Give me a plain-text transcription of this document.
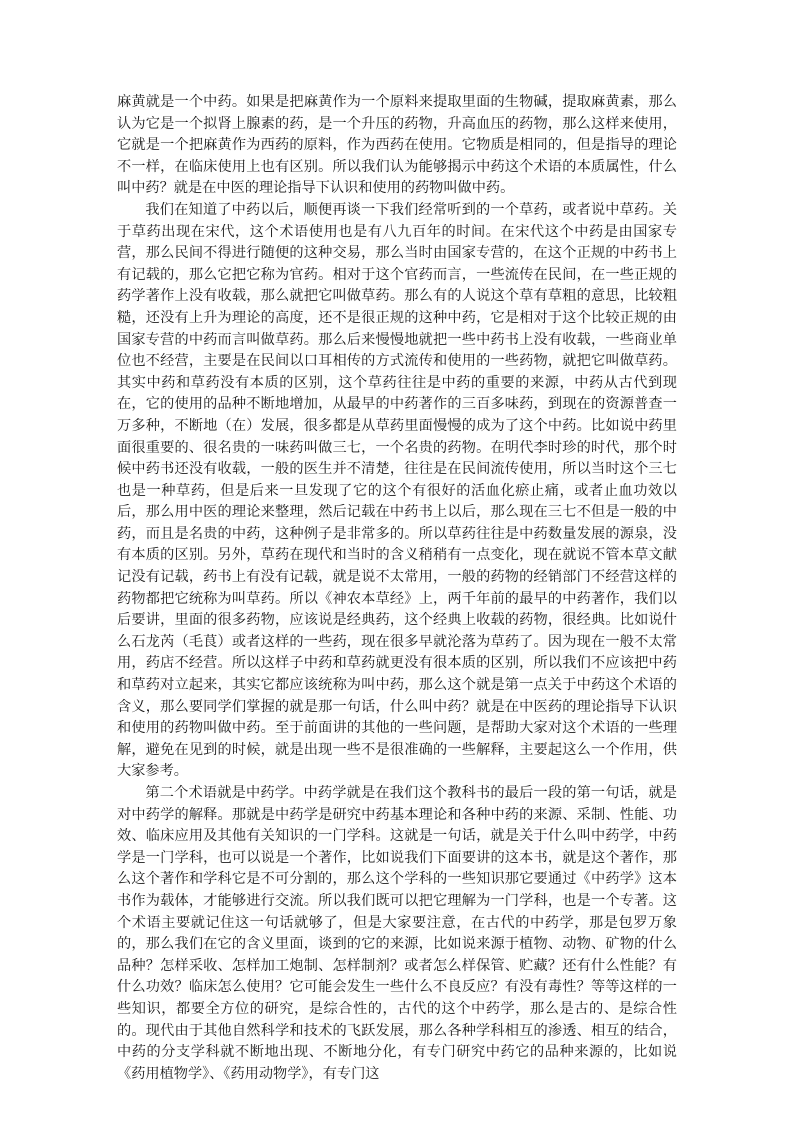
麻黄就是一个中药。如果是把麻黄作为一个原料来提取里面的生物碱，提取麻黄素，那么认为它是一个拟肾上腺素的药，是一个升压的药物，升高血压的药物，那么这样来使用，它就是一个把麻黄作为西药的原料，作为西药在使用。它物质是相同的，但是指导的理论不一样，在临床使用上也有区别。所以我们认为能够揭示中药这个术语的本质属性，什么叫中药？就是在中医的理论指导下认识和使用的药物叫做中药。

我们在知道了中药以后，顺便再谈一下我们经常听到的一个草药，或者说中草药。关于草药出现在宋代，这个术语使用也是有八九百年的时间。在宋代这个中药是由国家专营，那么民间不得进行随便的这种交易，那么当时由国家专营的，在这个正规的中药书上有记载的，那么它把它称为官药。相对于这个官药而言，一些流传在民间，在一些正规的药学著作上没有收载，那么就把它叫做草药。那么有的人说这个草有草粗的意思，比较粗糙，还没有上升为理论的高度，还不是很正规的这种中药，它是相对于这个比较正规的由国家专营的中药而言叫做草药。那么后来慢慢地就把一些中药书上没有收载，一些商业单位也不经营，主要是在民间以口耳相传的方式流传和使用的一些药物，就把它叫做草药。其实中药和草药没有本质的区别，这个草药往往是中药的重要的来源，中药从古代到现在，它的使用的品种不断地增加，从最早的中药著作的三百多味药，到现在的资源普查一万多种，不断地（在）发展，很多都是从草药里面慢慢的成为了这个中药。比如说中药里面很重要的、很名贵的一味药叫做三七，一个名贵的药物。在明代李时珍的时代，那个时候中药书还没有收载，一般的医生并不清楚，往往是在民间流传使用，所以当时这个三七也是一种草药，但是后来一旦发现了它的这个有很好的活血化瘀止痛，或者止血功效以后，那么用中医的理论来整理，然后记载在中药书上以后，那么现在三七不但是一般的中药，而且是名贵的中药，这种例子是非常多的。所以草药往往是中药数量发展的源泉，没有本质的区别。另外，草药在现代和当时的含义稍稍有一点变化，现在就说不管本草文献记没有记载，药书上有没有记载，就是说不太常用，一般的药物的经销部门不经营这样的药物都把它统称为叫草药。所以《神农本草经》上，两千年前的最早的中药著作，我们以后要讲，里面的很多药物，应该说是经典药，这个经典上收载的药物，很经典。比如说什么石龙芮（毛茛）或者这样的一些药，现在很多早就沦落为草药了。因为现在一般不太常用，药店不经营。所以这样子中药和草药就更没有很本质的区别，所以我们不应该把中药和草药对立起来，其实它都应该统称为叫中药，那么这个就是第一点关于中药这个术语的含义，那么要同学们掌握的就是那一句话，什么叫中药？就是在中医药的理论指导下认识和使用的药物叫做中药。至于前面讲的其他的一些问题，是帮助大家对这个术语的一些理解，避免在见到的时候，就是出现一些不是很准确的一些解释，主要起这么一个作用，供大家参考。

第二个术语就是中药学。中药学就是在我们这个教科书的最后一段的第一句话，就是对中药学的解释。那就是中药学是研究中药基本理论和各种中药的来源、采制、性能、功效、临床应用及其他有关知识的一门学科。这就是一句话，就是关于什么叫中药学，中药学是一门学科，也可以说是一个著作，比如说我们下面要讲的这本书，就是这个著作，那么这个著作和学科它是不可分割的，那么这个学科的一些知识那它要通过《中药学》这本书作为载体，才能够进行交流。所以我们既可以把它理解为一门学科，也是一个专著。这个术语主要就记住这一句话就够了，但是大家要注意，在古代的中药学，那是包罗万象的，那么我们在它的含义里面，谈到的它的来源，比如说来源于植物、动物、矿物的什么品种？怎样采收、怎样加工炮制、怎样制剂？或者怎么样保管、贮藏？还有什么性能？有什么功效？临床怎么使用？它可能会发生一些什么不良反应？有没有毒性？等等这样的一些知识，都要全方位的研究，是综合性的，古代的这个中药学，那么是古的、是综合性的。现代由于其他自然科学和技术的飞跃发展，那么各种学科相互的渗透、相互的结合，中药的分支学科就不断地出现、不断地分化，有专门研究中药它的品种来源的，比如说《药用植物学》、《药用动物学》，有专门这
